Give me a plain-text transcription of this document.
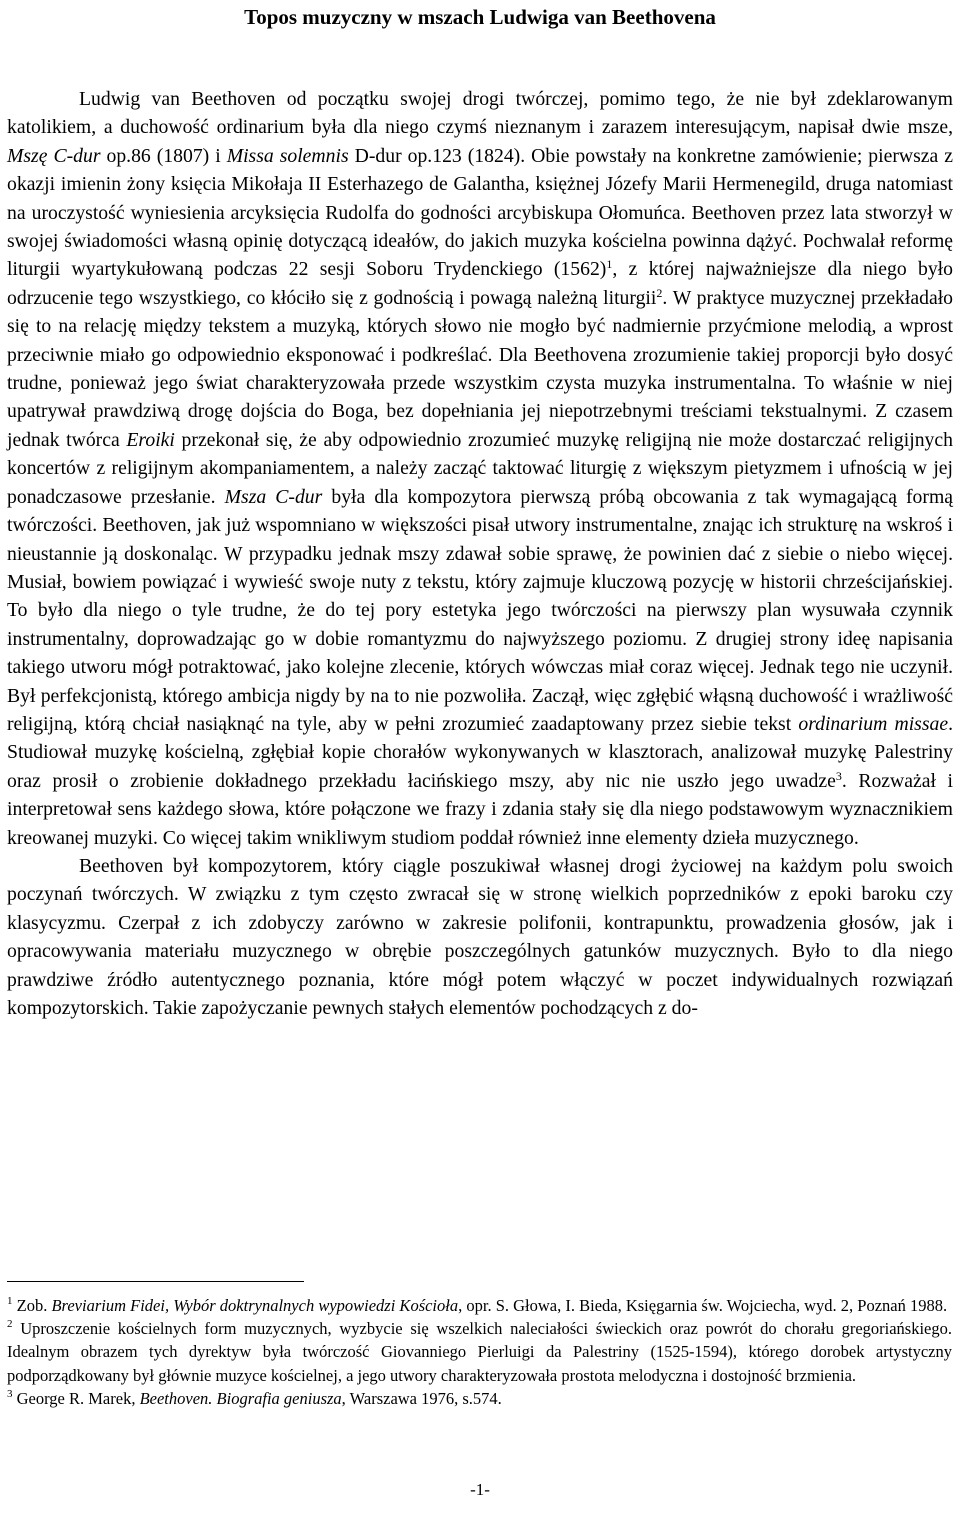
Topos muzyczny w mszach Ludwiga van Beethovena

Ludwig van Beethoven od początku swojej drogi twórczej, pomimo tego, że nie był zdeklarowanym katolikiem, a duchowość ordinarium była dla niego czymś nieznanym i zarazem interesującym, napisał dwie msze, Mszę C-dur op.86 (1807) i Missa solemnis D-dur op.123 (1824). Obie powstały na konkretne zamówienie; pierwsza z okazji imienin żony księcia Mikołaja II Esterhazego de Galantha, księżnej Józefy Marii Hermenegild, druga natomiast na uroczystość wyniesienia arcyksięcia Rudolfa do godności arcybiskupa Ołomuńca. Beethoven przez lata stworzył w swojej świadomości własną opinię dotyczącą ideałów, do jakich muzyka kościelna powinna dążyć. Pochwalał reformę liturgii wyartykułowaną podczas 22 sesji Soboru Trydenckiego $(1562)^1$, z której najważniejsze dla niego było odrzucenie tego wszystkiego, co kłóciło się z godnością i powagą należną liturgii$^2$. W praktyce muzycznej przekładało się to na relację między tekstem a muzyką, których słowo nie mogło być nadmiernie przyćmione melodią, a wprost przeciwnie miało go odpowiednio eksponować i podkreślać. Dla Beethovena zrozumienie takiej proporcji było dosyć trudne, ponieważ jego świat charakteryzowała przede wszystkim czysta muzyka instrumentalna. To właśnie w niej upatrywał prawdziwą drogę dojścia do Boga, bez dopełniania jej niepotrzebnymi treściami tekstualnymi. Z czasem jednak twórca Eroiki przekonał się, że aby odpowiednio zrozumieć muzykę religijną nie może dostarczać religijnych koncertów z religijnym akompaniamentem, a należy zacząć taktować liturgię z większym pietyzmem i ufnością w jej ponadczasowe przesłanie. Msza C-dur była dla kompozytora pierwszą próbą obcowania z tak wymagającą formą twórczości. Beethoven, jak już wspomniano w większości pisał utwory instrumentalne, znając ich strukturę na wskroś i nieustannie ją doskonaląc. W przypadku jednak mszy zdawał sobie sprawę, że powinien dać z siebie o niebo więcej. Musiał, bowiem powiązać i wywieść swoje nuty z tekstu, który zajmuje kluczową pozycję w historii chrześcijańskiej. To było dla niego o tyle trudne, że do tej pory estetyka jego twórczości na pierwszy plan wysuwała czynnik instrumentalny, doprowadzając go w dobie romantyzmu do najwyższego poziomu. Z drugiej strony ideę napisania takiego utworu mógł potraktować, jako kolejne zlecenie, których wówczas miał coraz więcej. Jednak tego nie uczynił. Był perfekcjonistą, którego ambicja nigdy by na to nie pozwoliła. Zaczął, więc zgłębić włąsną duchowość i wrażliwość religijną, którą chciał nasiąknąć na tyle, aby w pełni zrozumieć zaadaptowany przez siebie tekst ordinarium missae. Studiował muzykę kościelną, zgłębiał kopie chorałów wykonywanych w klasztorach, analizował muzykę Palestriny oraz prosił o zrobienie dokładnego przekładu łacińskiego mszy, aby nic nie uszło jego uwadze$^3$. Rozważał i interpretował sens każdego słowa, które połączone we frazy i zdania stały się dla niego podstawowym wyznacznikiem kreowanej muzyki. Co więcej takim wnikliwym studiom poddał również inne elementy dzieła muzycznego.

Beethoven był kompozytorem, który ciągle poszukiwał własnej drogi życiowej na każdym polu swoich poczynań twórczych. W związku z tym często zwracał się w stronę wielkich poprzedników z epoki baroku czy klasycyzmu. Czerpał z ich zdobyczy zarówno w zakresie polifonii, kontrapunktu, prowadzenia głosów, jak i opracowywania materiału muzycznego w obrębie poszczególnych gatunków muzycznych. Było to dla niego prawdziwe źródło autentycznego poznania, które mógł potem włączyć w poczet indywidualnych rozwiązań kompozytorskich. Takie zapożyczanie pewnych stałych elementów pochodzących z do-

$^1$ Zob. Breviarium Fidei, Wybór doktrynalnych wypowiedzi Kościoła, opr. S. Głowa, I. Bieda, Księgarnia św. Wojciecha, wyd. 2, Poznań 1988.

$^2$ Uproszczenie kościelnych form muzycznych, wyzbycie się wszelkich naleciałości świeckich oraz powrót do chorału gregoriańskiego. Idealnym obrazem tych dyrektyw była twórczość Giovanniego Pierluigi da Palestriny (1525-1594), którego dorobek artystyczny podporządkowany był głównie muzyce kościelnej, a jego utwory charakteryzowała prostota melodyczna i dostojność brzmienia.

$^3$ George R. Marek, Beethoven. Biografia geniusza, Warszawa 1976, s.574.

-1-
